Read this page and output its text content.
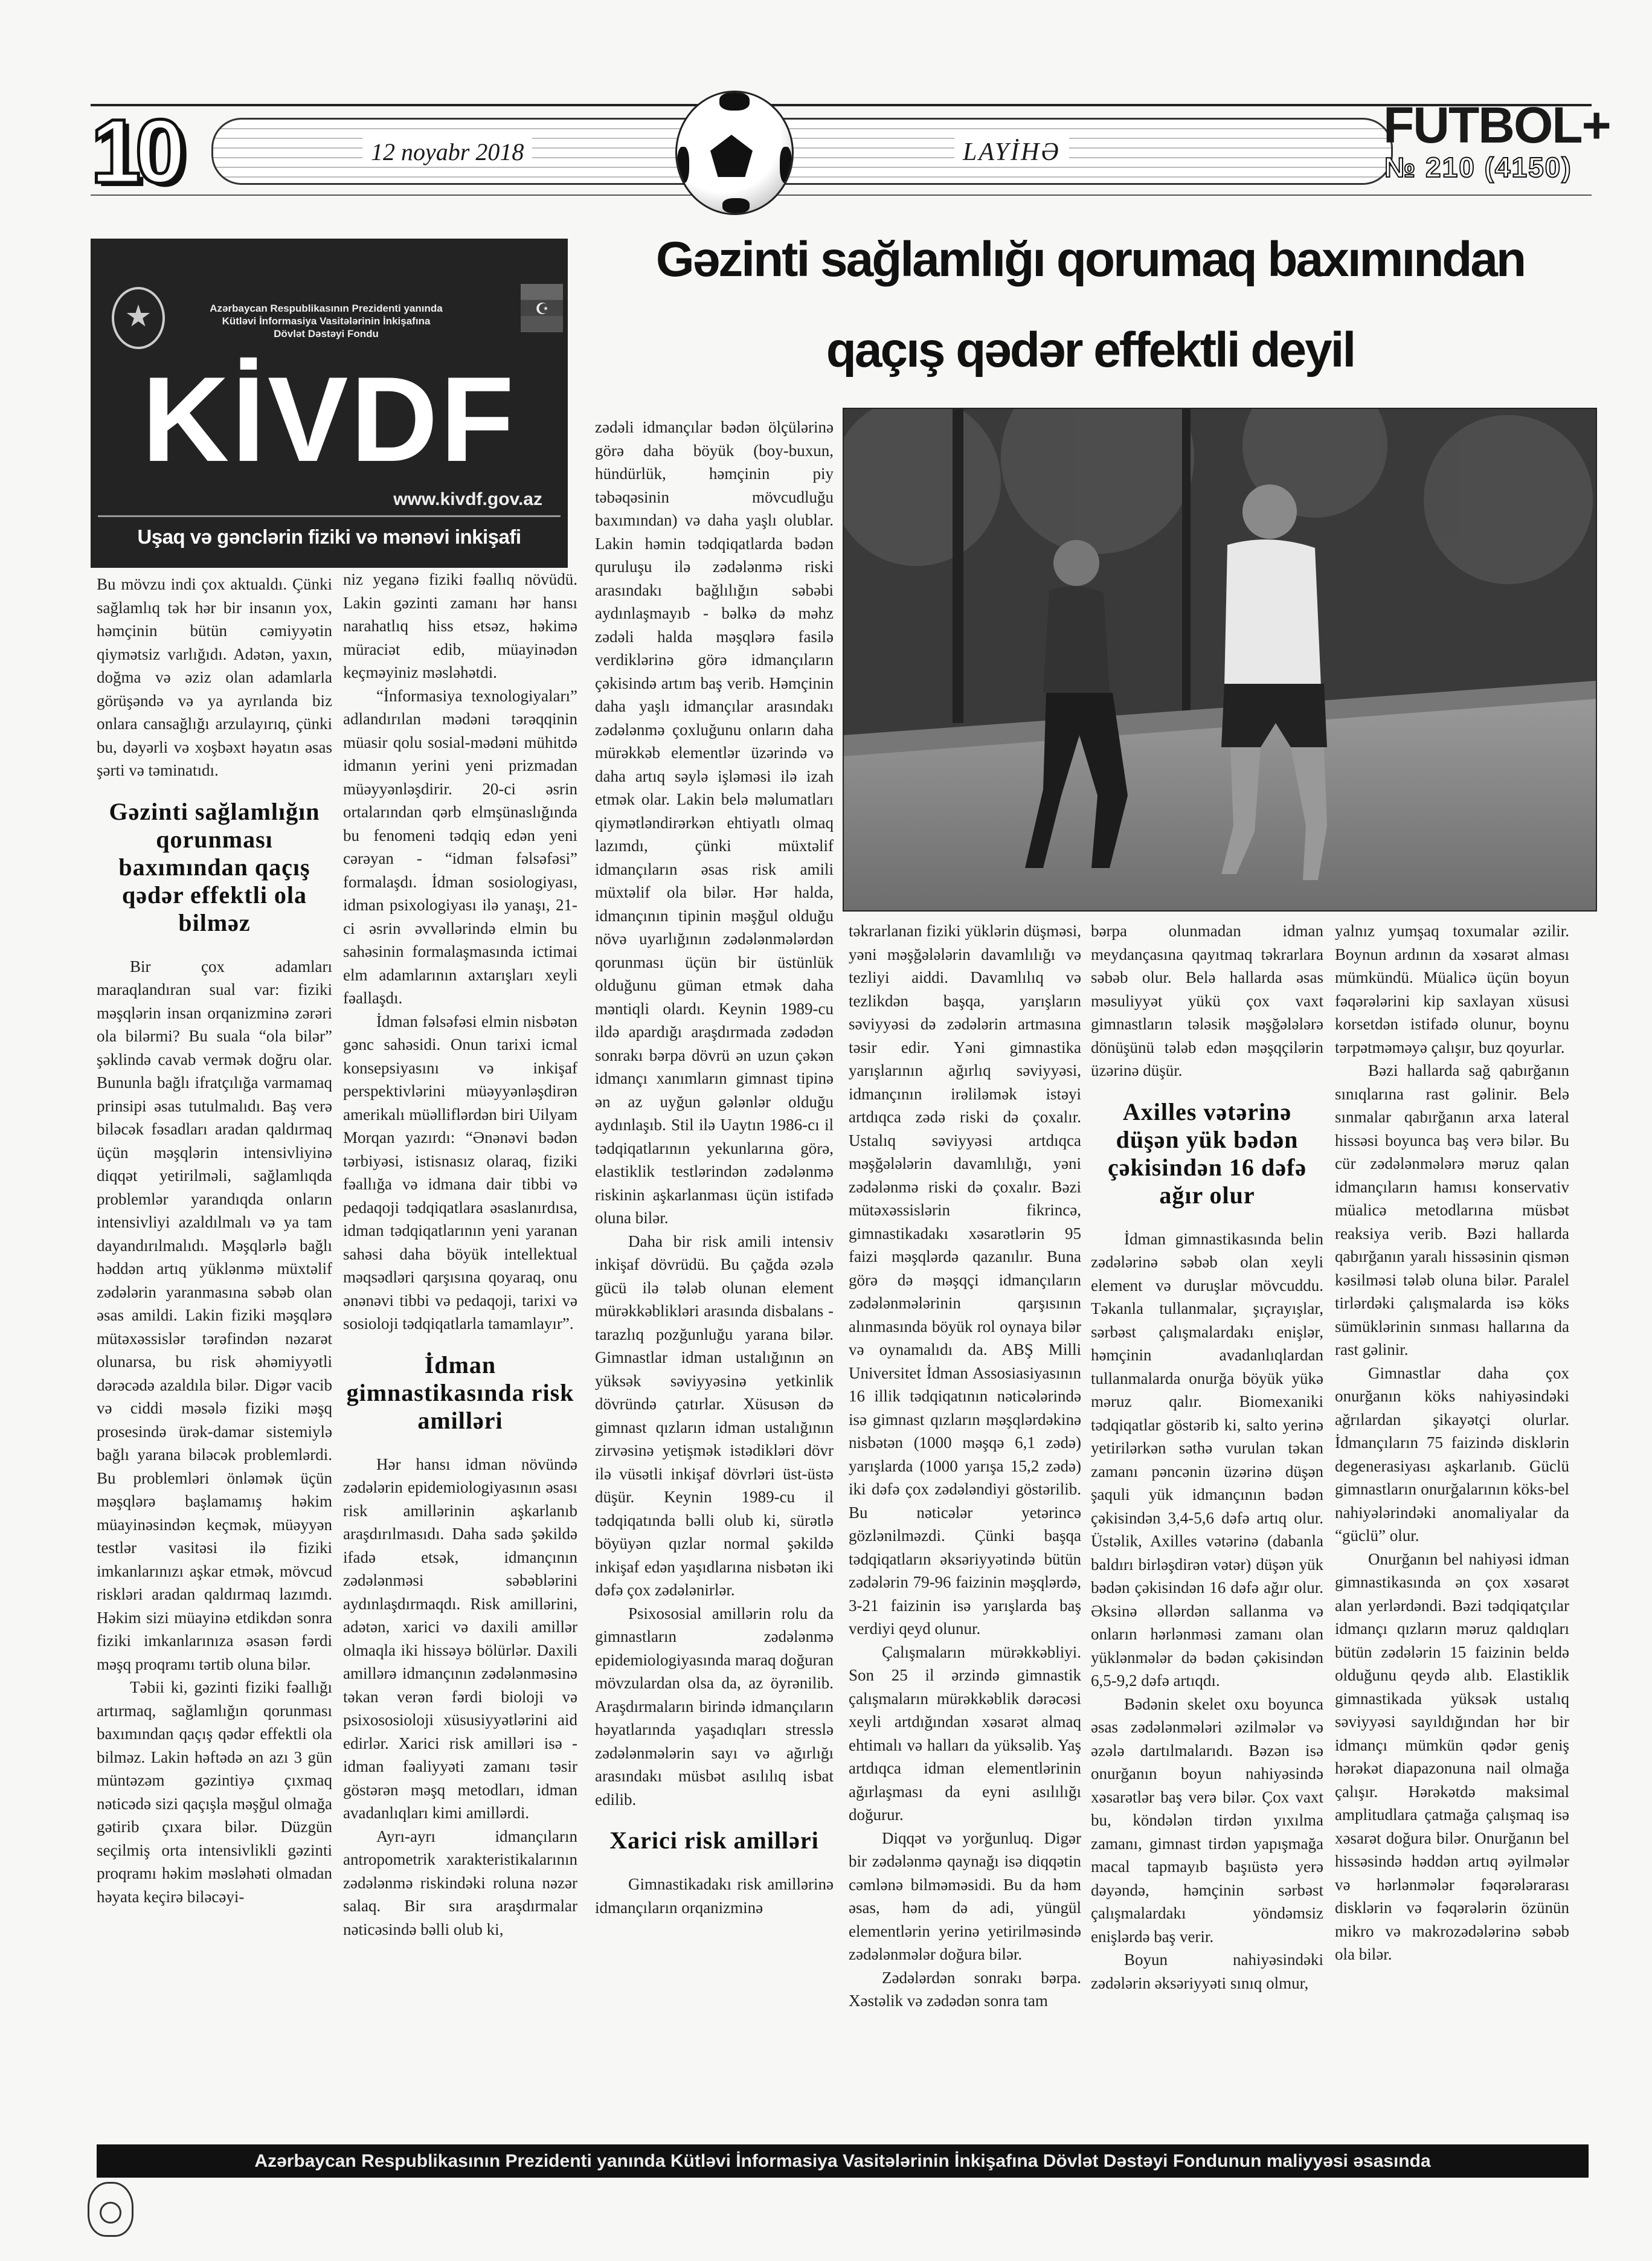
10	12 noyabr 2018	LAYİHƏ	FUTBOL+
№ 210 (4150)
Azərbaycan Respublikasının Prezidenti yanında
Kütləvi İnformasiya Vasitələrinin İnkişafına
Dövlət Dəstəyi Fondu
☪
KİVDF
www.kivdf.gov.az
Uşaq və gənclərin fiziki və mənəvi inkişafi
Gəzinti sağlamlığı qorumaq baxımından
qaçış qədər effektli deyil

Bu mövzu indi çox aktualdı. Çünki sağlamlıq tək hər bir insanın yox, həmçinin bütün cəmiyyətin qiymətsiz varlığıdı. Adətən, yaxın, doğma və əziz olan adamlarla görüşəndə və ya ayrılanda biz onlara cansağlığı arzulayırıq, çünki bu, dəyərli və xoşbəxt həyatın əsas şərti və təminatıdı.

Gəzinti sağlamlığın qorunması baxımından qaçış qədər effektli ola bilməz

Bir çox adamları maraqlandıran sual var: fiziki məşqlərin insan orqanizminə zərəri ola bilərmi? Bu suala “ola bilər” şəklində cavab vermək doğru olar. Bununla bağlı ifratçılığa varmamaq prinsipi əsas tutulmalıdı. Baş verə biləcək fəsadları aradan qaldırmaq üçün məşqlərin intensivliyinə diqqət yetirilməli, sağlamlıqda problemlər yarandıqda onların intensivliyi azaldılmalı və ya tam dayandırılmalıdı. Məşqlərlə bağlı həddən artıq yüklənmə müxtəlif zədələrin yaranmasına səbəb olan əsas amildi. Lakin fiziki məşqlərə mütəxəssislər tərəfindən nəzarət olunarsa, bu risk əhəmiyyətli dərəcədə azaldıla bilər. Digər vacib və ciddi məsələ fiziki məşq prosesində ürək-damar sistemiylə bağlı yarana biləcək problemlərdi. Bu problemləri önləmək üçün məşqlərə başlamamış həkim müayinəsindən keçmək, müəyyən testlər vasitəsi ilə fiziki imkanlarınızı aşkar etmək, mövcud riskləri aradan qaldırmaq lazımdı. Həkim sizi müayinə etdikdən sonra fiziki imkanlarınıza əsasən fərdi məşq proqramı tərtib oluna bilər.

Təbii ki, gəzinti fiziki fəallığı artırmaq, sağlamlığın qorunması baxımından qaçış qədər effektli ola bilməz. Lakin həftədə ən azı 3 gün müntəzəm gəzintiyə çıxmaq nəticədə sizi qaçışla məşğul olmağa gətirib çıxara bilər. Düzgün seçilmiş orta intensivlikli gəzinti proqramı həkim məsləhəti olmadan həyata keçirə biləcəyi-

niz yeganə fiziki fəallıq növüdü. Lakin gəzinti zamanı hər hansı narahatlıq hiss etsəz, həkimə müraciət edib, müayinədən keçməyiniz məsləhətdi.

“İnformasiya texnologiyaları” adlandırılan mədəni tərəqqinin müasir qolu sosial-mədəni mühitdə idmanın yerini yeni prizmadan müəyyənləşdirir. 20-ci əsrin ortalarından qərb elmşünaslığında bu fenomeni tədqiq edən yeni cərəyan - “idman fəlsəfəsi” formalaşdı. İdman sosiologiyası, idman psixologiyası ilə yanaşı, 21-ci əsrin əvvəllərində elmin bu sahəsinin formalaşmasında ictimai elm adamlarının axtarışları xeyli fəallaşdı.

İdman fəlsəfəsi elmin nisbətən gənc sahəsidi. Onun tarixi icmal konsepsiyasını və inkişaf perspektivlərini müəyyənləşdirən amerikalı müəlliflərdən biri Uilyam Morqan yazırdı: “Ənənəvi bədən tərbiyəsi, istisnasız olaraq, fiziki fəallığa və idmana dair tibbi və pedaqoji tədqiqatlara əsaslanırdısa, idman tədqiqatlarının yeni yaranan sahəsi daha böyük intellektual məqsədləri qarşısına qoyaraq, onu ənənəvi tibbi və pedaqoji, tarixi və sosioloji tədqiqatlarla tamamlayır”.

İdman gimnastikasında risk amilləri

Hər hansı idman növündə zədələrin epidemiologiyasının əsası risk amillərinin aşkarlanıb araşdırılmasıdı. Daha sadə şəkildə ifadə etsək, idmançının zədələnməsi səbəblərini aydınlaşdırmaqdı. Risk amillərini, adətən, xarici və daxili amillər olmaqla iki hissəyə bölürlər. Daxili amillərə idmançının zədələnməsinə təkan verən fərdi bioloji və psixososioloji xüsusiyyətlərini aid edirlər. Xarici risk amilləri isə - idman fəaliyyəti zamanı təsir göstərən məşq metodları, idman avadanlıqları kimi amillərdi.

Ayrı-ayrı idmançıların antropometrik xarakteristikalarının zədələnmə riskindəki roluna nəzər salaq. Bir sıra araşdırmalar nəticəsində bəlli olub ki,

zədəli idmançılar bədən ölçülərinə görə daha böyük (boy-buxun, hündürlük, həmçinin piy təbəqəsinin mövcudluğu baxımından) və daha yaşlı olublar. Lakin həmin tədqiqatlarda bədən quruluşu ilə zədələnmə riski arasındakı bağlılığın səbəbi aydınlaşmayıb - bəlkə də məhz zədəli halda məşqlərə fasilə verdiklərinə görə idmançıların çəkisində artım baş verib. Həmçinin daha yaşlı idmançılar arasındakı zədələnmə çoxluğunu onların daha mürəkkəb elementlər üzərində və daha artıq səylə işləməsi ilə izah etmək olar. Lakin belə məlumatları qiymətləndirərkən ehtiyatlı olmaq lazımdı, çünki müxtəlif idmançıların əsas risk amili müxtəlif ola bilər. Hər halda, idmançının tipinin məşğul olduğu növə uyarlığının zədələnmələrdən qorunması üçün bir üstünlük olduğunu güman etmək daha məntiqli olardı. Keynin 1989-cu ildə apardığı araşdırmada zədədən sonrakı bərpa dövrü ən uzun çəkən idmançı xanımların gimnast tipinə ən az uyğun gələnlər olduğu aydınlaşıb. Stil ilə Uaytın 1986-cı il tədqiqatlarının yekunlarına görə, elastiklik testlərindən zədələnmə riskinin aşkarlanması üçün istifadə oluna bilər.

Daha bir risk amili intensiv inkişaf dövrüdü. Bu çağda əzələ gücü ilə tələb olunan element mürəkkəblikləri arasında disbalans - tarazlıq pozğunluğu yarana bilər. Gimnastlar idman ustalığının ən yüksək səviyyəsinə yetkinlik dövründə çatırlar. Xüsusən də gimnast qızların idman ustalığının zirvəsinə yetişmək istədikləri dövr ilə vüsətli inkişaf dövrləri üst-üstə düşür. Keynin 1989-cu il tədqiqatında bəlli olub ki, sürətlə böyüyən qızlar normal şəkildə inkişaf edən yaşıdlarına nisbətən iki dəfə çox zədələnirlər.

Psixososial amillərin rolu da gimnastların zədələnmə epidemiologiyasında maraq doğuran mövzulardan olsa da, az öyrənilib. Araşdırmaların birində idmançıların həyatlarında yaşadıqları stresslə zədələnmələrin sayı və ağırlığı arasındakı müsbət asılılıq isbat edilib.

Xarici risk amilləri

Gimnastikadakı risk amillərinə idmançıların orqanizminə

təkrarlanan fiziki yüklərin düşməsi, yəni məşğələlərin davamlılığı və tezliyi aiddi. Davamlılıq və tezlikdən başqa, yarışların səviyyəsi də zədələrin artmasına təsir edir. Yəni gimnastika yarışlarının ağırlıq səviyyəsi, idmançının irəliləmək istəyi artdıqca zədə riski də çoxalır. Ustalıq səviyyəsi artdıqca məşğələlərin davamlılığı, yəni zədələnmə riski də çoxalır. Bəzi mütəxəssislərin fikrincə, gimnastikadakı xəsarətlərin 95 faizi məşqlərdə qazanılır. Buna görə də məşqçi idmançıların zədələnmələrinin qarşısının alınmasında böyük rol oynaya bilər və oynamalıdı da. ABŞ Milli Universitet İdman Assosiasiyasının 16 illik tədqiqatının nəticələrində isə gimnast qızların məşqlərdəkinə nisbətən (1000 məşqə 6,1 zədə) yarışlarda (1000 yarışa 15,2 zədə) iki dəfə çox zədələndiyi göstərilib. Bu nəticələr yetərincə gözlənilməzdi. Çünki başqa tədqiqatların əksəriyyətində bütün zədələrin 79-96 faizinin məşqlərdə, 3-21 faizinin isə yarışlarda baş verdiyi qeyd olunur.

Çalışmaların mürəkkəbliyi. Son 25 il ərzində gimnastik çalışmaların mürəkkəblik dərəcəsi xeyli artdığından xəsarət almaq ehtimalı və halları da yüksəlib. Yaş artdıqca idman elementlərinin ağırlaşması da eyni asılılığı doğurur.

Diqqət və yorğunluq. Digər bir zədələnmə qaynağı isə diqqətin cəmlənə bilməməsidi. Bu da həm əsas, həm də adi, yüngül elementlərin yerinə yetirilməsində zədələnmələr doğura bilər.

Zədələrdən sonrakı bərpa. Xəstəlik və zədədən sonra tam

bərpa olunmadan idman meydançasına qayıtmaq təkrarlara səbəb olur. Belə hallarda əsas məsuliyyət yükü çox vaxt gimnastların tələsik məşğələlərə dönüşünü tələb edən məşqçilərin üzərinə düşür.

Axilles vətərinə düşən yük bədən çəkisindən 16 dəfə ağır olur

İdman gimnastikasında belin zədələrinə səbəb olan xeyli element və duruşlar mövcuddu. Təkanla tullanmalar, şıçrayışlar, sərbəst çalışmalardakı enişlər, həmçinin avadanlıqlardan tullanmalarda onurğa böyük yükə məruz qalır. Biomexaniki tədqiqatlar göstərib ki, salto yerinə yetirilərkən səthə vurulan təkan zamanı pəncənin üzərinə düşən şaquli yük idmançının bədən çəkisindən 3,4-5,6 dəfə artıq olur. Üstəlik, Axilles vətərinə (dabanla baldırı birləşdirən vətər) düşən yük bədən çəkisindən 16 dəfə ağır olur. Əksinə əllərdən sallanma və onların hərlənməsi zamanı olan yüklənmələr də bədən çəkisindən 6,5-9,2 dəfə artıqdı.

Bədənin skelet oxu boyunca əsas zədələnmələri əzilmələr və əzələ dartılmalarıdı. Bəzən isə onurğanın boyun nahiyəsində xəsarətlər baş verə bilər. Çox vaxt bu, köndələn tirdən yıxılma zamanı, gimnast tirdən yapışmağa macal tapmayıb başıüstə yerə dəyəndə, həmçinin sərbəst çalışmalardakı yöndəmsiz enişlərdə baş verir.

Boyun nahiyəsindəki zədələrin əksəriyyəti sınıq olmur,

yalnız yumşaq toxumalar əzilir. Boynun ardının da xəsarət alması mümkündü. Müalicə üçün boyun fəqərələrini kip saxlayan xüsusi korsetdən istifadə olunur, boynu tərpətməməyə çalışır, buz qoyurlar.

Bəzi hallarda sağ qabırğanın sınıqlarına rast gəlinir. Belə sınmalar qabırğanın arxa lateral hissəsi boyunca baş verə bilər. Bu cür zədələnmələrə məruz qalan idmançıların hamısı konservativ müalicə metodlarına müsbət reaksiya verib. Bəzi hallarda qabırğanın yaralı hissəsinin qismən kəsilməsi tələb oluna bilər. Paralel tirlərdəki çalışmalarda isə köks sümüklərinin sınması hallarına da rast gəlinir.

Gimnastlar daha çox onurğanın köks nahiyəsindəki ağrılardan şikayətçi olurlar. İdmançıların 75 faizində disklərin degenerasiyası aşkarlanıb. Güclü gimnastların onurğalarının köks-bel nahiyələrindəki anomaliyalar da “güclü” olur.

Onurğanın bel nahiyəsi idman gimnastikasında ən çox xəsarət alan yerlərdəndi. Bəzi tədqiqatçılar idmançı qızların məruz qaldıqları bütün zədələrin 15 faizinin beldə olduğunu qeydə alıb. Elastiklik gimnastikada yüksək ustalıq səviyyəsi sayıldığından hər bir idmançı mümkün qədər geniş hərəkət diapazonuna nail olmağa çalışır. Hərəkətdə maksimal amplitudlara çatmağa çalışmaq isə xəsarət doğura bilər. Onurğanın bel hissəsində həddən artıq əyilmələr və hərlənmələr fəqərələrarası disklərin və fəqərələrin özünün mikro və makrozədələrinə səbəb ola bilər.

Azərbaycan Respublikasının Prezidenti yanında Kütləvi İnformasiya Vasitələrinin İnkişafına Dövlət Dəstəyi Fondunun maliyyəsi əsasında
